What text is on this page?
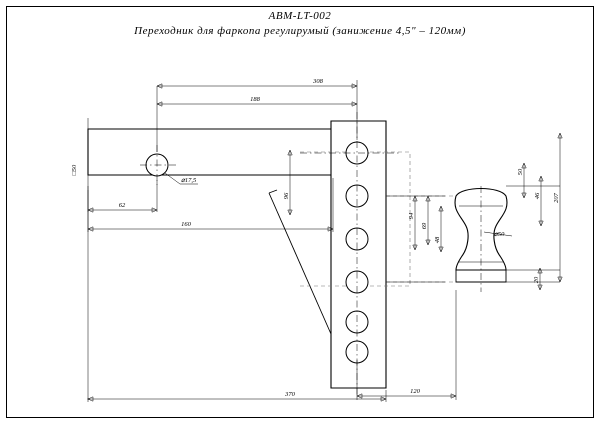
ABM-LT-002
Переходник для фаркопа регулирумый (занижение 4,5" – 120мм)
308
188
370	120
62
160
□50
⌀17,5
96
94
69
48
⌀50
50
46 207
20
